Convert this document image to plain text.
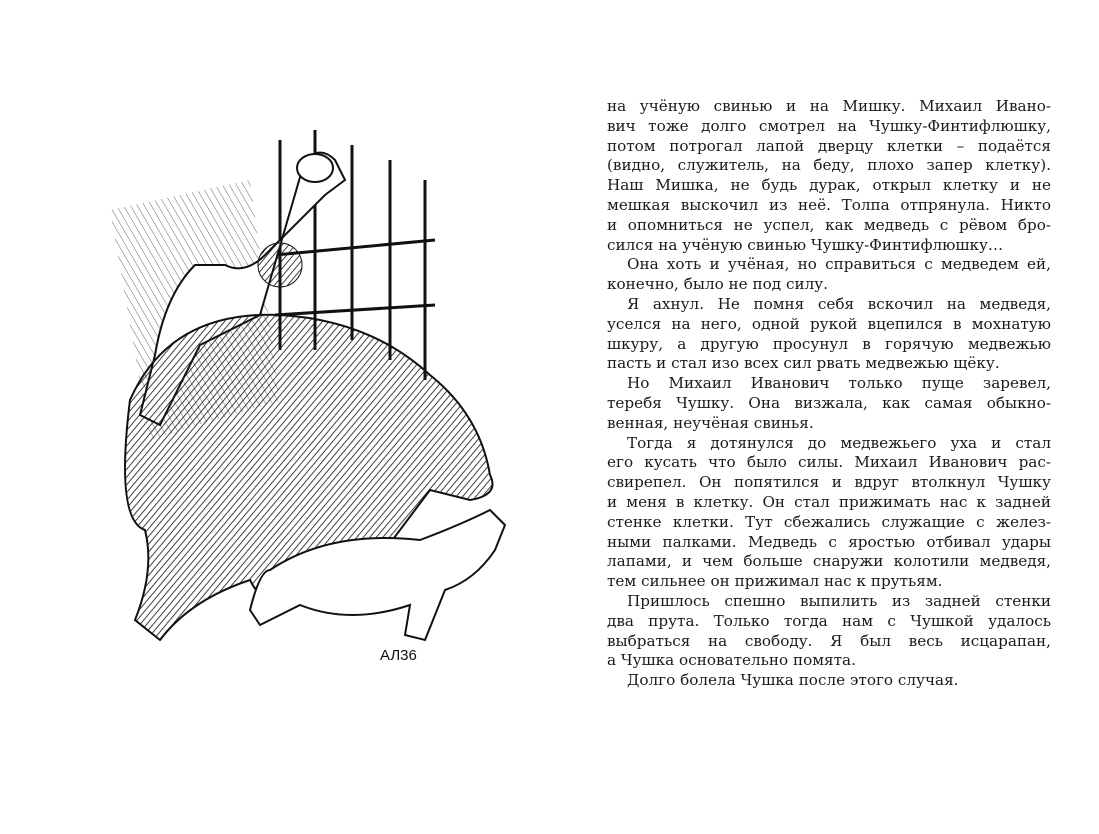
АЛ36
на учёную свинью и на Мишку. Михаил Ивано-
вич тоже долго смотрел на Чушку-Финтифлюшку,
потом потрогал лапой дверцу клетки – подаётся
(видно, служитель, на беду, плохо запер клетку).
Наш Мишка, не будь дурак, открыл клетку и не
мешкая выскочил из неё. Толпа отпрянула. Никто
и опомниться не успел, как медведь с рёвом бро-
сился на учёную свинью Чушку-Финтифлюшку…
Она хоть и учёная, но справиться с медведем ей,
конечно, было не под силу.
Я ахнул. Не помня себя вскочил на медведя,
уселся на него, одной рукой вцепился в мохнатую
шкуру, а другую просунул в горячую медвежью
пасть и стал изо всех сил рвать медвежью щёку.
Но Михаил Иванович только пуще заревел,
теребя Чушку. Она визжала, как самая обыкно-
венная, неучёная свинья.
Тогда я дотянулся до медвежьего уха и стал
его кусать что было силы. Михаил Иванович рас-
свирепел. Он попятился и вдруг втолкнул Чушку
и меня в клетку. Он стал прижимать нас к задней
стенке клетки. Тут сбежались служащие с желез-
ными палками. Медведь с яростью отбивал удары
лапами, и чем больше снаружи колотили медведя,
тем сильнее он прижимал нас к прутьям.
Пришлось спешно выпилить из задней стенки
два прута. Только тогда нам с Чушкой удалось
выбраться на свободу. Я был весь исцарапан,
а Чушка основательно помята.
Долго болела Чушка после этого случая.
